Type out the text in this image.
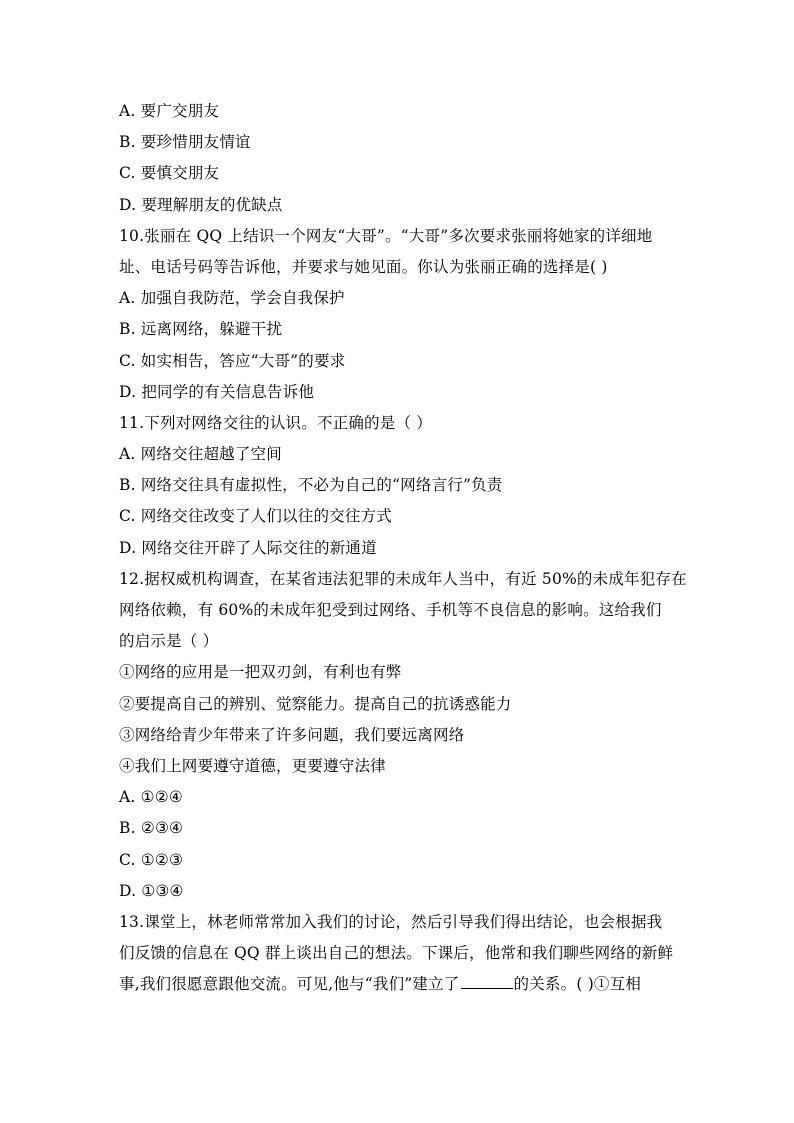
A. 要广交朋友
B. 要珍惜朋友情谊
C. 要慎交朋友
D. 要理解朋友的优缺点
10.张丽在 QQ 上结识一个网友“大哥”。“大哥”多次要求张丽将她家的详细地
址、电话号码等告诉他，并要求与她见面。你认为张丽正确的选择是( )
A. 加强自我防范，学会自我保护
B. 远离网络，躲避干扰
C. 如实相告，答应“大哥”的要求
D. 把同学的有关信息告诉他
11.下列对网络交往的认识。不正确的是（ ）
A. 网络交往超越了空间
B. 网络交往具有虚拟性，不必为自己的“网络言行”负责
C. 网络交往改变了人们以往的交往方式
D. 网络交往开辟了人际交往的新通道
12.据权威机构调查，在某省违法犯罪的未成年人当中，有近 50%的未成年犯存在
网络依赖，有 60%的未成年犯受到过网络、手机等不良信息的影响。这给我们
的启示是（ ）
①网络的应用是一把双刃剑，有利也有弊
②要提高自己的辨别、觉察能力。提高自己的抗诱惑能力
③网络给青少年带来了许多问题，我们要远离网络
④我们上网要遵守道德，更要遵守法律
A. ①②④
B. ②③④
C. ①②③
D. ①③④
13.课堂上，林老师常常加入我们的讨论，然后引导我们得出结论，也会根据我
们反馈的信息在 QQ 群上谈出自己的想法。下课后，他常和我们聊些网络的新鲜
事,我们很愿意跟他交流。可见,他与“我们”建立了	的关系。( )①互相
